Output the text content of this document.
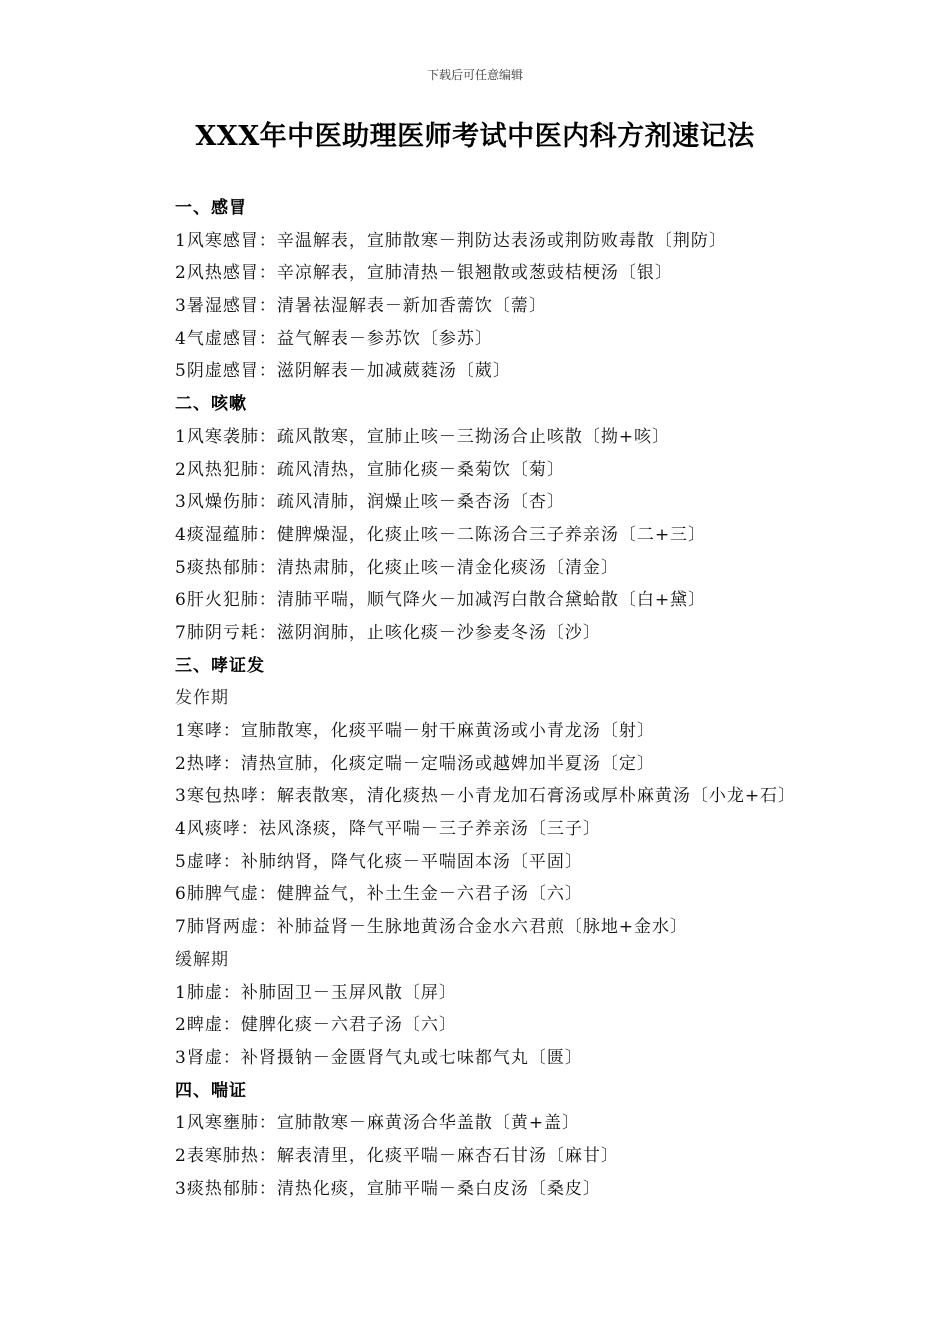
下载后可任意编辑
XXX年中医助理医师考试中医内科方剂速记法
一、感冒
1风寒感冒：辛温解表，宣肺散寒－荆防达表汤或荆防败毒散〔荆防〕
2风热感冒：辛凉解表，宣肺清热－银翘散或葱豉桔梗汤〔银〕
3暑湿感冒：清暑祛湿解表－新加香薷饮〔薷〕
4气虚感冒：益气解表－参苏饮〔参苏〕
5阴虚感冒：滋阴解表－加减葳蕤汤〔葳〕
二、咳嗽
1风寒袭肺：疏风散寒，宣肺止咳－三拗汤合止咳散〔拗+咳〕
2风热犯肺：疏风清热，宣肺化痰－桑菊饮〔菊〕
3风燥伤肺：疏风清肺，润燥止咳－桑杏汤〔杏〕
4痰湿蕴肺：健脾燥湿，化痰止咳－二陈汤合三子养亲汤〔二+三〕
5痰热郁肺：清热肃肺，化痰止咳－清金化痰汤〔清金〕
6肝火犯肺：清肺平喘，顺气降火－加减泻白散合黛蛤散〔白+黛〕
7肺阴亏耗：滋阴润肺，止咳化痰－沙参麦冬汤〔沙〕
三、哮证发
发作期
1寒哮：宣肺散寒，化痰平喘－射干麻黄汤或小青龙汤〔射〕
2热哮：清热宣肺，化痰定喘－定喘汤或越婢加半夏汤〔定〕
3寒包热哮：解表散寒，清化痰热－小青龙加石膏汤或厚朴麻黄汤〔小龙+石〕
4风痰哮：祛风涤痰，降气平喘－三子养亲汤〔三子〕
5虚哮：补肺纳肾，降气化痰－平喘固本汤〔平固〕
6肺脾气虚：健脾益气，补土生金－六君子汤〔六〕
7肺肾两虚：补肺益肾－生脉地黄汤合金水六君煎〔脉地+金水〕
缓解期
1肺虚：补肺固卫－玉屏风散〔屏〕
2睥虚：健脾化痰－六君子汤〔六〕
3肾虚：补肾摄钠－金匮肾气丸或七味都气丸〔匮〕
四、喘证
1风寒壅肺：宣肺散寒－麻黄汤合华盖散〔黄+盖〕
2表寒肺热：解表清里，化痰平喘－麻杏石甘汤〔麻甘〕
3痰热郁肺：清热化痰，宣肺平喘－桑白皮汤〔桑皮〕
